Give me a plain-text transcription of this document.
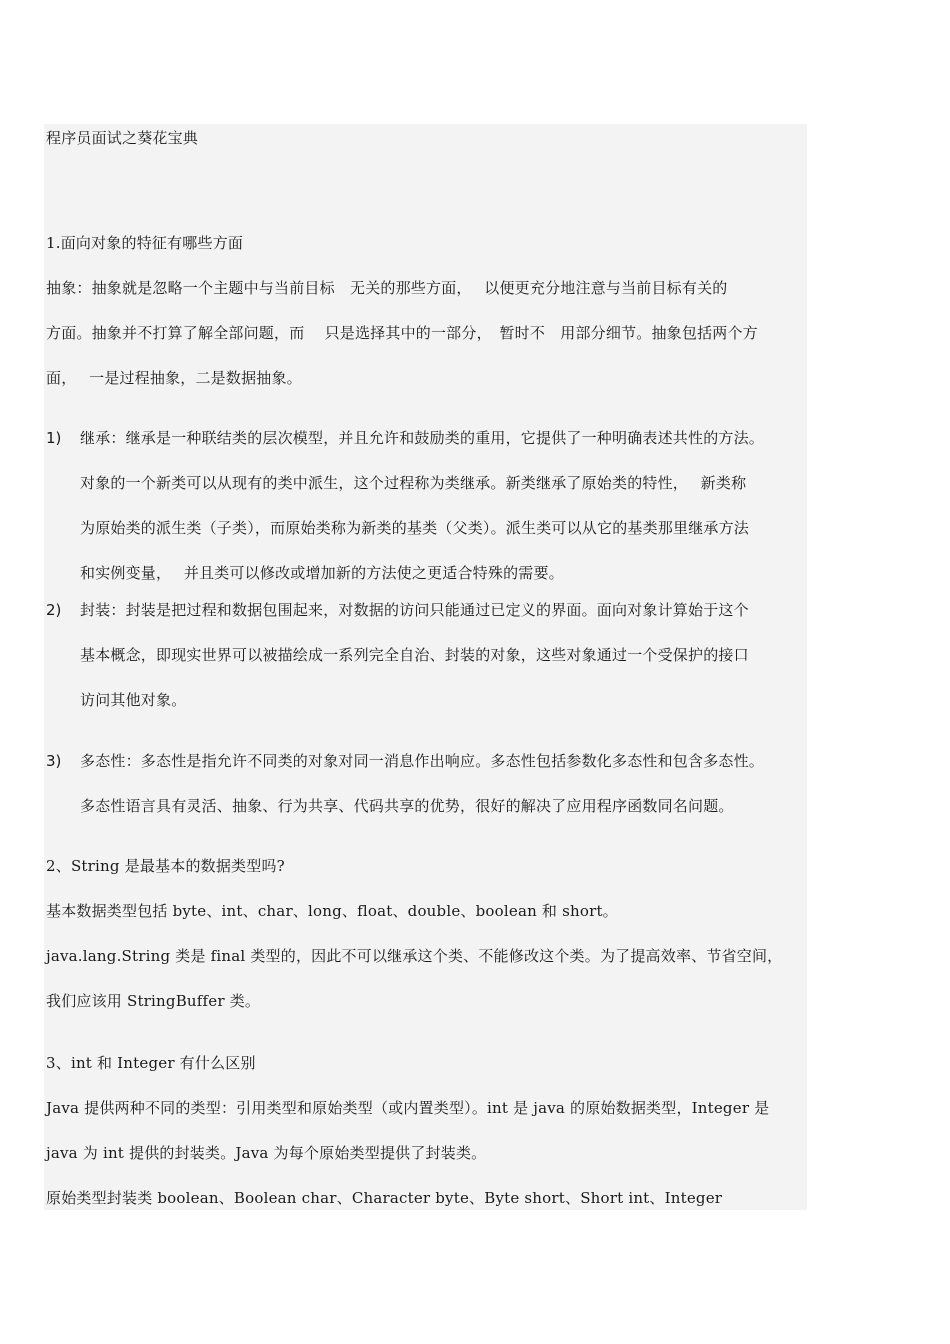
程序员面试之葵花宝典
1.面向对象的特征有哪些方面
抽象：抽象就是忽略一个主题中与当前目标　无关的那些方面，　 以便更充分地注意与当前目标有关的
方面。抽象并不打算了解全部问题，而　 只是选择其中的一部分，　暂时不　用部分细节。抽象包括两个方
面，　 一是过程抽象，二是数据抽象。
1) 继承：继承是一种联结类的层次模型，并且允许和鼓励类的重用，它提供了一种明确表述共性的方法。
对象的一个新类可以从现有的类中派生，这个过程称为类继承。新类继承了原始类的特性，　 新类称
为原始类的派生类（子类），而原始类称为新类的基类（父类）。派生类可以从它的基类那里继承方法
和实例变量，　 并且类可以修改或增加新的方法使之更适合特殊的需要。
2) 封装：封装是把过程和数据包围起来，对数据的访问只能通过已定义的界面。面向对象计算始于这个
基本概念，即现实世界可以被描绘成一系列完全自治、封装的对象，这些对象通过一个受保护的接口
访问其他对象。
3) 多态性：多态性是指允许不同类的对象对同一消息作出响应。多态性包括参数化多态性和包含多态性。
多态性语言具有灵活、抽象、行为共享、代码共享的优势，很好的解决了应用程序函数同名问题。
2、String 是最基本的数据类型吗?
基本数据类型包括 byte、int、char、long、float、double、boolean 和 short。
java.lang.String 类是 final 类型的，因此不可以继承这个类、不能修改这个类。为了提高效率、节省空间，
我们应该用 StringBuffer 类。
3、int 和 Integer 有什么区别
Java 提供两种不同的类型：引用类型和原始类型（或内置类型）。int 是 java 的原始数据类型，Integer 是
java 为 int 提供的封装类。Java 为每个原始类型提供了封装类。
原始类型封装类 boolean、Boolean char、Character byte、Byte short、Short int、Integer
